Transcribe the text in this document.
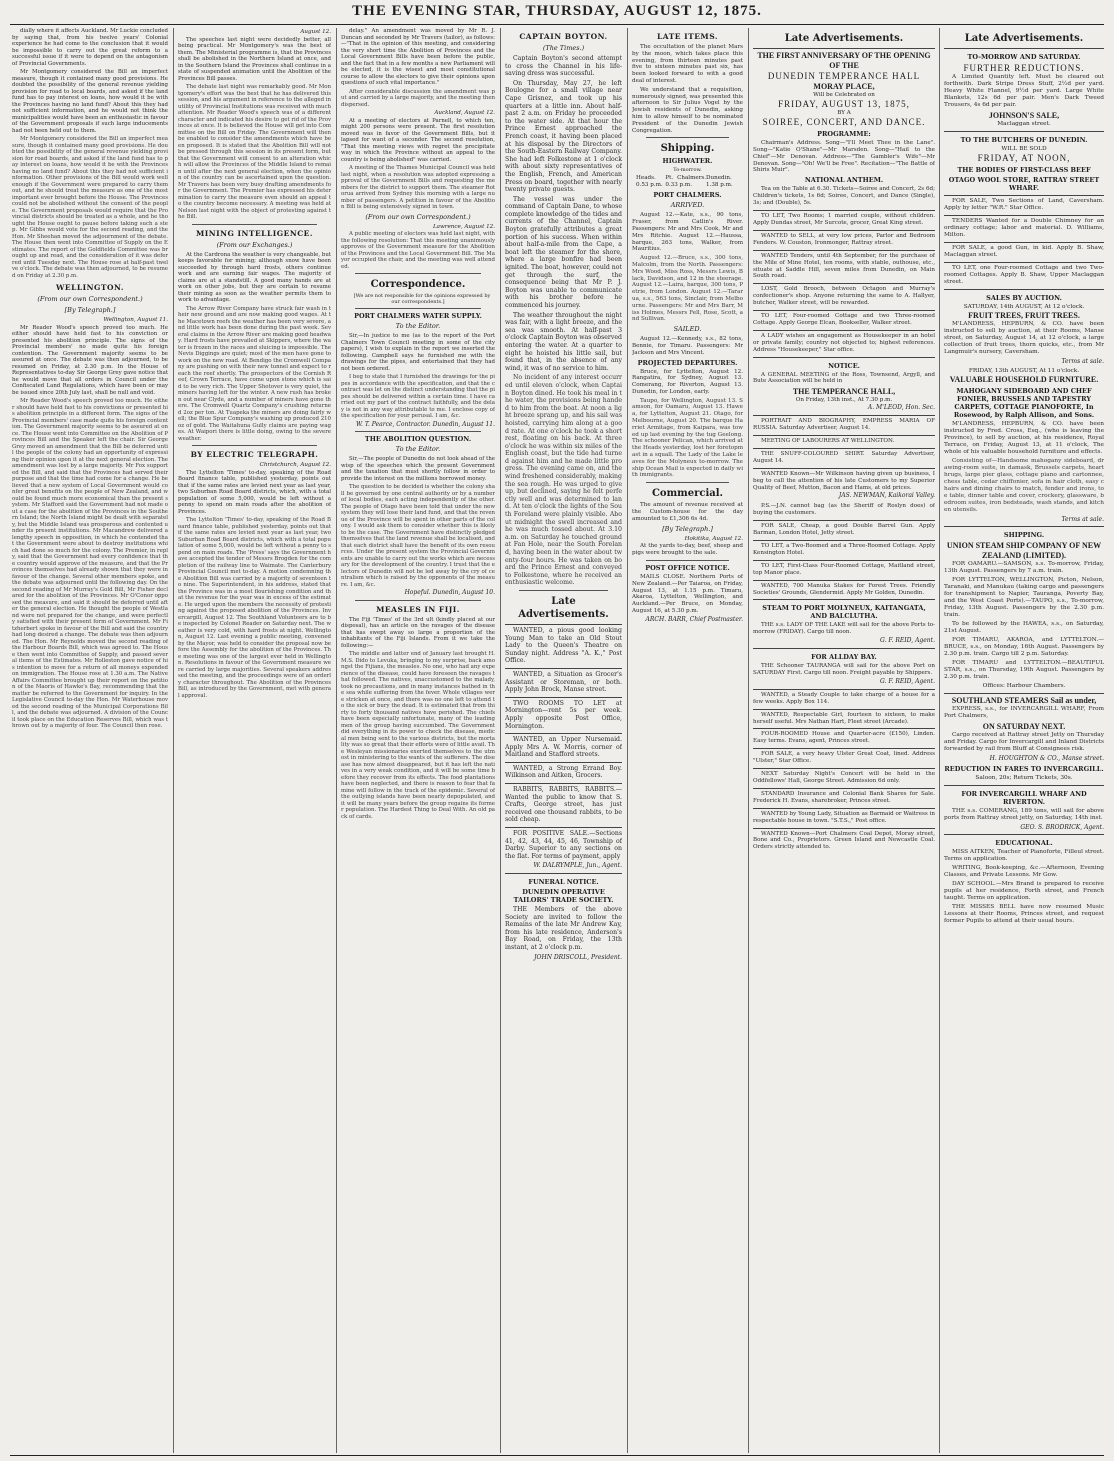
THE EVENING STAR, THURSDAY, AUGUST 12, 1875.

dially where it affects Auckland. Mr Luckie concluded by saying that, from his twelve years' Colonial experience he had come to the conclusion that it would be impossible to carry out the great reform to a successful issue if it were to depend on the antagonism of Provincial Governments.

Mr Montgomery considered the Bill an imperfect measure, though it contained many good provisions. He doubted the possibility of the general revenue yielding provision for road to local boards, and asked if the land fund has to pay interest on loans, how would it be with the Provinces having no land fund? About this they had not sufficient information, and he would not think the municipalities would have been an enthusiastic in favour of the Government proposals if such large inducements had not been held out to them.

Mr Montgomery considered the Bill an imperfect measure, though it contained many good provisions. He doubted the possibility of the general revenue yielding provision for road boards, and asked if the land fund has to pay interest on loans, how would it be with the Provinces having no land fund? About this they had not sufficient information. Other provisions of the Bill would work well enough if the Government were prepared to carry them out, and he should treat the measure as one of the most important ever brought before the House. The Provinces could not be abolished without the consent of the people. The Government proposals would require that the Provincial districts should be treated as a whole, and he thought the House ought to pause before taking such a step. Mr Gibbs would vote for the second reading, and the Hon. Mr Sheehan moved the adjournment of the debate. The House then went into Committee of Supply on the Estimates. The report of the Goldfields Committee was brought up and read, and the consideration of it was deferred until Tuesday next. The House rose at half-past twelve o'clock. The debate was then adjourned, to be resumed on Friday at 2.30 p.m.

WELLINGTON.
(From our own Correspondent.)
[By Telegraph.]
Wellington, August 11.

Mr Reader Wood's speech proved too much. He either should have held fast to his conviction or presented his abolition principle. The signs of the Provincial members' no made quite his foreign contention. The Government majority seems to be assured at once. The debate was then adjourned, to be resumed on Friday, at 2.30 p.m. In the House of Representatives to-day Sir George Grey gave notice that he would move that all orders in Council under the Confiscated Land Regulations, which have been or may be issued since 20th July last, shall be null and void.

Mr Reader Wood's speech proved too much. He either should have held fast to his convictions or presented his abolition principle in a different form. The signs of the Provincial members' case made quite his foreign contention. The Government majority seems to be assured at once. The House went into Committee on the Abolition of Provinces Bill and the Speaker left the chair. Sir George Grey moved an amendment that the Bill be deferred until the people of the colony had an opportunity of expressing their opinion upon it at the next general election. The amendment was lost by a large majority. Mr Fox supported the Bill, and said that the Provinces had served their purpose and that the time had come for a change. He believed that a new system of Local Government would confer great benefits on the people of New Zealand, and would be found much more economical than the present system. Mr Stafford said the Government had not made out a case for the abolition of the Provinces in the Southern Island; the North Island might be dealt with separately, but the Middle Island was prosperous and contented under its present institutions. Mr Macandrew delivered a lengthy speech in opposition, in which he contended that the Government were about to destroy institutions which had done so much for the colony. The Premier, in reply, said that the Government had every confidence that the country would approve of the measure, and that the Provinces themselves had already shown that they were in favour of the change. Several other members spoke, and the debate was adjourned until the following day. On the second reading of Mr Murray's Gold Bill, Mr Fisher declared for the abolition of the Provinces. Mr O'Conor opposed the measure, and said it should be deferred until after the general election. He thought the people of Westland were not prepared for the change, and were perfectly satisfied with their present form of Government. Mr Fitzherbert spoke in favour of the Bill and said the country had long desired a change. The debate was then adjourned. The Hon. Mr Reynolds moved the second reading of the Harbour Boards Bill, which was agreed to. The House then went into Committee of Supply, and passed several items of the Estimates. Mr Rolleston gave notice of his intention to move for a return of all moneys expended on immigration. The House rose at 1.30 a.m. The Native Affairs Committee brought up their report on the petition of the Maoris of Hawke's Bay, recommending that the matter be referred to the Government for inquiry. In the Legislative Council to-day the Hon. Mr Waterhouse moved the second reading of the Municipal Corporations Bill, and the debate was adjourned. A division of the Council took place on the Education Reserves Bill, which was thrown out by a majority of four. The Council then rose.

August 12.

The speeches last night were decidedly better, all being practical. Mr Montgomery's was the best of them. The Ministerial programme is, that the Provinces shall be abolished in the Northern Island at once, and in the Southern Island the Provinces shall continue in a state of suspended animation until the Abolition of the Provinces Bill passes.

The debate last night was remarkably good. Mr Montgomery's effort was the best that he has delivered this session, and his argument in reference to the alleged inutility of Provincial Institutions was received with much attention. Mr Reader Wood's speech was of a different character and indicated his desire to get rid of the Provinces at once. It is believed the House will get into Committee on the Bill on Friday. The Government will then be enabled to consider the amendments which have been proposed. It is stated that the Abolition Bill will not be pressed through this session in its present form, but that the Government will consent to an alteration which will allow the Provinces of the Middle Island to remain until after the next general election, when the opinion of the country can be ascertained upon the question. Mr Travers has been very busy drafting amendments for the Government. The Premier has expressed his determination to carry the measure even should an appeal to the country become necessary. A meeting was held at Nelson last night with the object of protesting against the Bill.

MINING INTELLIGENCE.
(From our Exchanges.)

At the Cardrona the weather is very changeable, but keeps favorable for mining; although snow have been succeeded by through hard frosts, others continue work and are earning fair wages. The majority of claims are at a standstill. A good many hands are at work on other jobs, but they are certain to resume their mining as soon as the weather permits them to work to advantage.

The Arrow River Company have struck fair wash in their new ground and are now making good wages. At the Macetown reefs the weather has been very severe, and little work has been done during the past week. Several claims in the Arrow River are making good headway. Hard frosts have prevailed at Skippers, where the water is frozen in the races and sluicing is impossible. The Nevis Diggings are quiet; most of the men have gone to work on the new road. At Bendigo the Cromwell Company are pushing on with their new tunnel and expect to reach the reef shortly. The prospectors of the Cornish Reef, Crown Terrace, have come upon stone which is said to be very rich. The Upper Shotover is very quiet, the miners having left for the winter. A new rush has broken out near Clyde, and a number of miners have gone there. The Cromwell Quartz Company's crushing returned 2oz per ton. At Tuapeka the miners are doing fairly well; the Blue Spur Company's washing up produced 210oz of gold. The Waitahuna Gully claims are paying wages. At Waipori there is little doing, owing to the severe weather.

BY ELECTRIC TELEGRAPH.
Christchurch, August 12.

The Lyttelton 'Times' to-day, speaking of the Road Board finance table, published yesterday, points out that if the same rates are levied next year as last year, two Suburban Road Board districts, which, with a total population of some 5,000, would be left without a penny to spend on main roads after the abolition of Provinces.

The Lyttelton 'Times' to-day, speaking of the Road Board finance table, published yesterday, points out that if the same rates are levied next year as last year, two Suburban Road Board districts, which with a total population of some 5,000, would be left without a penny to spend on main roads. The 'Press' says the Government have accepted the tender of Messrs Brogden for the completion of the railway line to Waimate. The Canterbury Provincial Council met to-day. A motion condemning the Abolition Bill was carried by a majority of seventeen to nine. The Superintendent, in his address, stated that the Province was in a most flourishing condition and that the revenue for the year was in excess of the estimate. He urged upon the members the necessity of protesting against the proposed abolition of the Provinces. Invercargill, August 12. The Southland Volunteers are to be inspected by Colonel Reader on Saturday next. The weather is very cold, with hard frosts at night. Wellington, August 12. Last evening a public meeting, convened by the Mayor, was held to consider the proposal now before the Assembly for the abolition of the Provinces. The meeting was one of the largest ever held in Wellington. Resolutions in favour of the Government measure were carried by large majorities. Several speakers addressed the meeting, and the proceedings were of an orderly character throughout. The Abolition of the Provinces Bill, as introduced by the Government, met with general approval.

delay." An amendment was moved by Mr R. J. Duncan and seconded by Mr Travers (tailor), as follows:—"That in the opinion of this meeting, and considering the very short time the Abolition of Provinces and the Local Government Bills have been before the public, and the fact that in a few months a new Parliament will be elected, it is the wisest and most constitutional course to allow the electors to give their opinions upon questions of such vital importance."

After considerable discussion the amendment was put and carried by a large majority, and the meeting then dispersed.

Auckland, August 12.

At a meeting of electors at Parnell, to which ten, might 200 persons were present. The first resolution moved was in favor of the Government Bills, but it lapsed for want of a seconder. The second resolution, "That this meeting views with regret the precipitate way in which the Province without an appeal to the country is being abolished" was carried.

A meeting of the Thames Municipal Council was held last night, when a resolution was adopted expressing approval of the Government Bills and requesting the members for the district to support them. The steamer Rotorua arrived from Sydney this morning with a large number of passengers. A petition in favour of the Abolition Bill is being extensively signed in town.

(From our own Correspondent.)
Lawrence, August 12.

A public meeting of electors was held last night, with the following resolution: That this meeting unanimously approves of the Government measure for the Abolition of the Provinces and the Local Government Bill. The Mayor occupied the chair, and the meeting was well attended.

Correspondence.

[We are not responsible for the opinions expressed by our correspondents.]

PORT CHALMERS WATER SUPPLY.
To the Editor.

Sir,—In justice to me (as to the report of the Port Chalmers Town Council meeting in some of the city papers), I wish to explain in the report we inserted the following. Campbell says he furnished me with the drawings for the pipes, and entertained that they had not been ordered.

I beg to state that I furnished the drawings for the pipes in accordance with the specification, and that the contract was let on the distinct understanding that the pipes should be delivered within a certain time. I have carried out my part of the contract faithfully, and the delay is not in any way attributable to me. I enclose copy of the specification for your perusal. I am, &c.

W. T. Pearce, Contractor. Dunedin, August 11.

THE ABOLITION QUESTION.
To the Editor.

Sir,—The people of Dunedin do not look ahead of the wisp of the speeches which the present Government and the taxation that must shortly follow in order to provide the interest on the millions borrowed money.

The question to be decided is whether the colony shall be governed by one central authority or by a number of local bodies, each acting independently of the other. The people of Otago have been told that under the new system they will lose their land fund, and that the revenue of the Province will be spent in other parts of the colony. I would ask them to consider whether this is likely to be the case. The Government have distinctly pledged themselves that the land revenue shall be localised, and that each district shall have the benefit of its own resources. Under the present system the Provincial Governments are unable to carry out the works which are necessary for the development of the country. I trust that the electors of Dunedin will not be led away by the cry of centralism which is raised by the opponents of the measure. I am, &c.

Hopeful. Dunedin, August 10.

MEASLES IN FIJI.

The Fiji 'Times' of the 3rd ult (kindly placed at our disposal), has an article on the ravages of the disease that has swept away so large a proportion of the inhabitants of the Fiji Islands. From it we take the following:—

The middle and latter end of January last brought H.M.S. Dido to Levuka, bringing to my surprise, back amongst the Fijians, the measles. No one, who had any experience of the disease, could have foreseen the ravages that followed. The natives, unaccustomed to the malady, took no precautions, and in many instances bathed in the sea while suffering from the fever. Whole villages were stricken at once, and there was no one left to attend to the sick or bury the dead. It is estimated that from thirty to forty thousand natives have perished. The chiefs have been especially unfortunate, many of the leading men of the group having succumbed. The Government did everything in its power to check the disease, medical men being sent to the various districts, but the mortality was so great that their efforts were of little avail. The Wesleyan missionaries exerted themselves to the utmost in ministering to the wants of the sufferers. The disease has now almost disappeared, but it has left the natives in a very weak condition, and it will be some time before they recover from its effects. The food plantations have been neglected, and there is reason to fear that famine will follow in the track of the epidemic. Several of the outlying islands have been nearly depopulated, and it will be many years before the group regains its former population. The Hardest Thing to Deal With. An old pack of cards.

CAPTAIN BOYTON.
(The Times.)

Captain Boyton's second attempt to cross the Channel in his life-saving dress was successful.

On Thursday, May 27, he left Boulogne for a small village near Cape Grisnez, and took up his quarters at a little inn. About half-past 2 a.m. on Friday he proceeded to the water side. At that hour the Prince Ernest approached the French coast, it having been placed at his disposal by the Directors of the South-Eastern Railway Company. She had left Folkestone at 1 o'clock with about sixty representatives of the English, French, and American Press on board, together with nearly twenty private guests.

The vessel was under the command of Captain Dane, to whose complete knowledge of the tides and currents of the Channel, Captain Boyton gratefully attributes a great portion of his success. When within about half-a-mile from the Cape, a boat left the steamer for the shore, where a large bonfire had been ignited. The boat, however, could not get through the surf, the consequence being that Mr P. J. Boyton was unable to communicate with his brother before he commenced his journey.

The weather throughout the night was fair, with a light breeze, and the sea was smooth. At half-past 3 o'clock Captain Boyton was observed entering the water. At a quarter to eight he hoisted his little sail, but found that, in the absence of any wind, it was of no service to him.

No incident of any interest occurred until eleven o'clock, when Captain Boyton dined. He took his meal in the water, the provisions being handed to him from the boat. At noon a light breeze sprang up, and his sail was hoisted, carrying him along at a good rate. At one o'clock he took a short rest, floating on his back. At three o'clock he was within six miles of the English coast, but the tide had turned against him and he made little progress. The evening came on, and the wind freshened considerably, making the sea rough. He was urged to give up, but declined, saying he felt perfectly well and was determined to land. At ten o'clock the lights of the South Foreland were plainly visible. About midnight the swell increased and he was much tossed about. At 3.10 a.m. on Saturday he touched ground at Fan Hole, near the South Foreland, having been in the water about twenty-four hours. He was taken on board the Prince Ernest and conveyed to Folkestone, where he received an enthusiastic welcome.

Late Advertisements.

WANTED, a pious good looking Young Man to take an Old Stout Lady to the Queen's Theatre on Sunday night. Address "A. K.," Post Office.

WANTED, a Situation as Grocer's Assistant or Storeman, or both. Apply John Brock, Manse street.

TWO ROOMS TO LET at Mornington—rent 5s per week. Apply opposite Post Office, Mornington.

WANTED, an Upper Nursemaid. Apply Mrs A. W. Morris, corner of Maitland and Stafford streets.

WANTED, a Strong Errand Boy. Wilkinson and Aitken, Grocers.

RABBITS, RABBITS, RABBITS.—Wanted the public to know that S. Crafts, George street, has just received one thousand rabbits, to be sold cheap.

FOR POSITIVE SALE.—Sections 41, 42, 43, 44, 45, 46, Township of Darby. Superior to any sections on the flat. For terms of payment, apply

W. DALRYMPLE, Jun., Agent.

FUNERAL NOTICE.
DUNEDIN OPERATIVE TAILORS' TRADE SOCIETY.

THE Members of the above Society are invited to follow the Remains of the late Mr Andrew Kay, from his late residence, Anderson's Bay Road, on Friday, the 13th instant, at 2 o'clock p.m.

JOHN DRISCOLL, President.

LATE ITEMS.

The occultation of the planet Mars by the moon, which takes place this evening, from thirteen minutes past five to sixteen minutes past six, has been looked forward to with a good deal of interest.

We understand that a requisition, numerously signed, was presented this afternoon to Sir Julius Vogel by the Jewish residents of Dunedin, asking him to allow himself to be nominated President of the Dunedin Jewish Congregation.

Shipping.
HIGHWATER.
To-morrow.
Heads. 0.53 p.m.
Pt. Chalmers. 0.33 p.m.
Dunedin. 1.38 p.m.
PORT CHALMERS.
ARRIVED.

August 12.—Kate, s.s., 90 tons, Fraser, from Catlin's River. Passengers: Mr and Mrs Cook, Mr and Mrs Ritchie. August 12.—Haussa, barque, 263 tons, Walker, from Mauritius.

August 12.—Bruce, s.s., 300 tons, Malcolm, from the North. Passengers: Mrs Wood, Miss Ross, Messrs Lewis, Black, Davidson, and 12 in the steerage. August 12.—Laira, barque, 300 tons, Petrie, from London. August 12.—Tararua, s.s., 563 tons, Sinclair, from Melbourne. Passengers: Mr and Mrs Barr, Miss Holmes, Messrs Fell, Rose, Scott, and Sullivan.

SAILED.

August 12.—Kennedy, s.s., 82 tons, Bennie, for Timaru. Passengers: Mr Jackson and Mrs Vincent.

PROJECTED DEPARTURES.

Bruce, for Lyttelton, August 12. Rangatira, for Sydney, August 13. Comerang, for Riverton, August 13. Dunedin, for London, early.

Taupo, for Wellington, August 13. Samson, for Oamaru, August 13. Hawea, for Lyttelton, August 21. Otago, for Melbourne, August 20. The barque Harriet Armitage, from Kaipara, was towed up last evening by the tug Geelong. The schooner Pelican, which arrived at the Heads yesterday, lost her foretopmast in a squall. The Lady of the Lake leaves for the Molyneux to-morrow. The ship Ocean Mail is expected in daily with immigrants.

Commercial.

The amount of revenue received at the Custom-house for the day amounted to £1,306 6s 4d.

[By Telegraph.]
Hokitika, August 12.

At the yards to-day, beef, sheep and pigs were brought to the sale.

POST OFFICE NOTICE.

MAILS CLOSE. Northern Ports of New Zealand.—Per Taiaroa, on Friday, August 13, at 1.15 p.m. Timaru, Akaroa, Lyttelton, Wellington, and Auckland.—Per Bruce, on Monday, August 16, at 5.30 p.m.

ARCH. BARR, Chief Postmaster.

Late Advertisements.
THE FIRST ANNIVERSARY OF THE OPENING OF THE
DUNEDIN TEMPERANCE HALL
MORAY PLACE,
Will be Celebrated on
FRIDAY, AUGUST 13, 1875,
BY A
SOIREE, CONCERT, AND DANCE.
PROGRAMME:

Chairman's Address. Song—"I'll Meet Thee in the Lane". Song—"Katie O'Shane"—Mr Marsden. Song—"Hail to the Chief"—Mr Denovan. Address—"The Gambler's Wife"—Mr Denovan. Song—"Oh! We'll be Free". Recitation—"The Battle of Shiris Muir".

NATIONAL ANTHEM.

Tea on the Table at 6.30. Tickets—Soiree and Concert, 2s 6d; Children's tickets, 1s 6d; Soiree, Concert, and Dance (Single), 3s; and (Double), 5s.

TO LET, Two Rooms; 1 married couple, without children. Apply Dundas street, Mr Surcote, grocer, Great King street.

WANTED to SELL, at very low prices, Parlor and Bedroom Fenders. W. Couston, Ironmonger, Rattray street.

WANTED Tenders, until 4th September, for the purchase of the Mile of Mine Hotel, ten rooms, with stable, outhouse, etc., situate at Saddle Hill, seven miles from Dunedin, on Main South road.

LOST, Gold Brooch, between Octagon and Murray's confectioner's shop. Anyone returning the same to A. Hallyer, butcher, Walker street, will be rewarded.

TO LET, Four-roomed Cottage and two Three-roomed Cottage. Apply George Elcan, Bookseller, Walker street.

A LADY wishes an engagement as Housekeeper in an hotel or private family; country not objected to; highest references. Address "Housekeeper," Star office.

NOTICE.

A GENERAL MEETING of the Ross, Townsend, Argyll, and Bute Association will be held in

THE TEMPERANCE HALL,
On Friday, 13th inst., At 7.30 p.m.

A. M'LEOD, Hon. Sec.

PORTRAIT AND BIOGRAPHY, EMPRESS MARIA OF RUSSIA. Saturday Advertiser, August 14.

MEETING OF LABOURERS AT WELLINGTON.

THE SNUFF-COLOURED SHIRT. Saturday Advertiser, August 14.

WANTED Known—Mr Wilkinson having given up business, I beg to call the attention of his late Customers to my Superior Quality of Beef, Mutton, Bacon and Hams, at old prices.

JAS. NEWMAN, Kaikorai Valley.

P.S.—J.N. cannot bag (as the Sheriff of Roslyn does) of buying the customers.

FOR SALE, Cheap, a good Double Barrel Gun. Apply Barman, London Hotel, Jetty street.

TO LET, a Two-Roomed and a Three-Roomed Cottage. Apply Kensington Hotel.

TO LET, First-Class Four-Roomed Cottage, Maitland street, top Manor place.

WANTED, 700 Manuka Stakes for Forest Trees. Friendly Societies' Grounds, Glendermid. Apply Mr Golden, Dunedin.

STEAM TO PORT MOLYNEUX, KAITANGATA, AND BALCLUTHA.

THE s.s. LADY OF THE LAKE will sail for the above Ports to-morrow (FRIDAY). Cargo till noon.

G. F. REID, Agent.

FOR ALLDAY BAY.

THE Schooner TAURANGA will sail for the above Port on SATURDAY First. Cargo till noon. Freight payable by Shippers.

G. F. REID, Agent.

WANTED, a Steady Couple to take charge of a house for a few weeks. Apply Box 114.

WANTED, Respectable Girl, fourteen to sixteen, to make herself useful. Mrs Nathan Hart, Fleet street (Arcade).

FOUR-ROOMED House and Quarter-acre (£150), Linden. Easy terms. Evans, agent, Princes street.

FOR SALE, a very heavy Ulster Great Coat, lined. Address "Ulster," Star Office.

NEXT Saturday Night's Concert will be held in the Oddfellows' Hall, George Street. Admission 6d only.

STANDARD Insurance and Colonial Bank Shares for Sale. Frederick H. Evans, sharebroker, Princes street.

WANTED by Young Lady, Situation as Barmaid or Waitress in respectable house in town. "S.T.S.," Post office.

WANTED Known—Port Chalmers Coal Depot, Moray street, Bone and Co., Proprietors. Green Island and Newcastle Coal. Orders strictly attended to.

Late Advertisements.
TO-MORROW AND SATURDAY.
FURTHER REDUCTIONS.

A Limited Quantity left. Must be cleared out forthwith. Dark Stripe Dress Stuff, 2½d per yard. Heavy White Flannel, 9½d per yard. Large White Blankets, 12s 6d per pair. Men's Dark Tweed Trousers, 4s 6d per pair.

JOHNSON'S SALE,
Maclaggan street.
TO THE BUTCHERS OF DUNEDIN.
WILL BE SOLD
FRIDAY, AT NOON,
THE BODIES OF FIRST-CLASS BEEF
OTAGO WOOL STORE, RATTRAY STREET WHARF.

FOR SALE, Two Sections of Land, Caversham. Apply by letter "W.R." Star Office.

TENDERS Wanted for a Double Chimney for an ordinary cottage; labor and material. D. Williams, Milton.

FOR SALE, a good Gun, in kid. Apply B. Shaw, Maclaggan street.

TO LET, one Four-roomed Cottage and two Two-roomed Cottages. Apply B. Shaw, Upper Maclaggan street.

SALES BY AUCTION.
SATURDAY, 14th AUGUST, At 12 o'clock.
FRUIT TREES, FRUIT TREES.

M'LANDRESS, HEPBURN, & CO. have been instructed to sell by auction, at their Rooms, Manse street, on Saturday, August 14, at 12 o'clock, a large collection of fruit trees, thorn quicks, etc., from Mr Langmuir's nursery, Caversham.

Terms at sale.

FRIDAY, 13th AUGUST, At 11 o'clock.
VALUABLE HOUSEHOLD FURNITURE.
MAHOGANY SIDEBOARD AND CHEF FONIER, BRUSSELS AND TAPESTRY CARPETS, COTTAGE PIANOFORTE, In Rosewood, by Ralph Allison, and Sons.

M'LANDRESS, HEPBURN, & CO. have been instructed by Fred. Cross, Esq., (who is leaving the Province), to sell by auction, at his residence, Royal Terrace, on Friday, August 13, at 11 o'clock, The whole of his valuable household furniture and effects.

Consisting of—Handsome mahogany sideboard, drawing-room suite, in damask, Brussels carpets, hearthrugs, large pier glass, cottage piano and cartonnee, chess table, cedar chiffonier, sofa in hair cloth, easy chairs and dining chairs to match, fender and irons, toe table, dinner table and cover, crockery, glassware, bedroom suites, iron bedsteads, wash stands, and kitchen utensils.

Terms at sale.

SHIPPING.
UNION STEAM SHIP COMPANY OF NEW ZEALAND (LIMITED).

FOR OAMARU.—SAMSON, s.s. To-morrow, Friday, 13th August. Passengers by 7 a.m. train.

FOR LYTTELTON, WELLINGTON, Picton, Nelson, Taranaki, and Manukau (taking cargo and passengers for transhipment to Napier, Tauranga, Poverty Bay, and the West Coast Ports).—TAUPO, s.s., To-morrow, Friday, 13th August. Passengers by the 2.30 p.m. train.

To be followed by the HAWEA, s.s., on Saturday, 21st August.

FOR TIMARU, AKAROA, and LYTTELTON.—BRUCE, s.s., on Monday, 16th August. Passengers by 2.30 p.m. train. Cargo till 2 p.m. Saturday.

FOR TIMARU and LYTTELTON.—BEAUTIFUL STAR, s.s., on Thursday, 19th August. Passengers by 2.30 p.m. train.

Offices: Harbour Chambers.
SOUTHLAND STEAMERS Sail as under,

EXPRESS, s.s., for INVERCARGILL WHARF, From Port Chalmers,

ON SATURDAY NEXT.

Cargo received at Rattray street Jetty on Thursday and Friday. Cargo for Invercargill and Inland Districts forwarded by rail from Bluff at Consignees risk.

H. HOUGHTON & CO., Manse street.

REDUCTION IN FARES TO INVERCARGILL.
Saloon, 20s; Return Tickets, 30s.
FOR INVERCARGILL WHARF AND RIVERTON.

THE s.s. COMERANG, 189 tons, will sail for above ports from Rattray street jetty, on Saturday, 14th inst.

GEO. S. BRODRICK, Agent.

EDUCATIONAL.

MISS AITKEN, Teacher of Pianoforte, Filleul street. Terms on application.

WRITING, Book-keeping, &c.—Afternoon, Evening Classes, and Private Lessons. Mr Gow.

DAY SCHOOL.—Mrs Brand is prepared to receive pupils at her residence, Forth street, and French taught. Terms on application.

THE MISSES BELL have now resumed Music Lessons at their Rooms, Princes street, and request former Pupils to attend at their usual hours.
